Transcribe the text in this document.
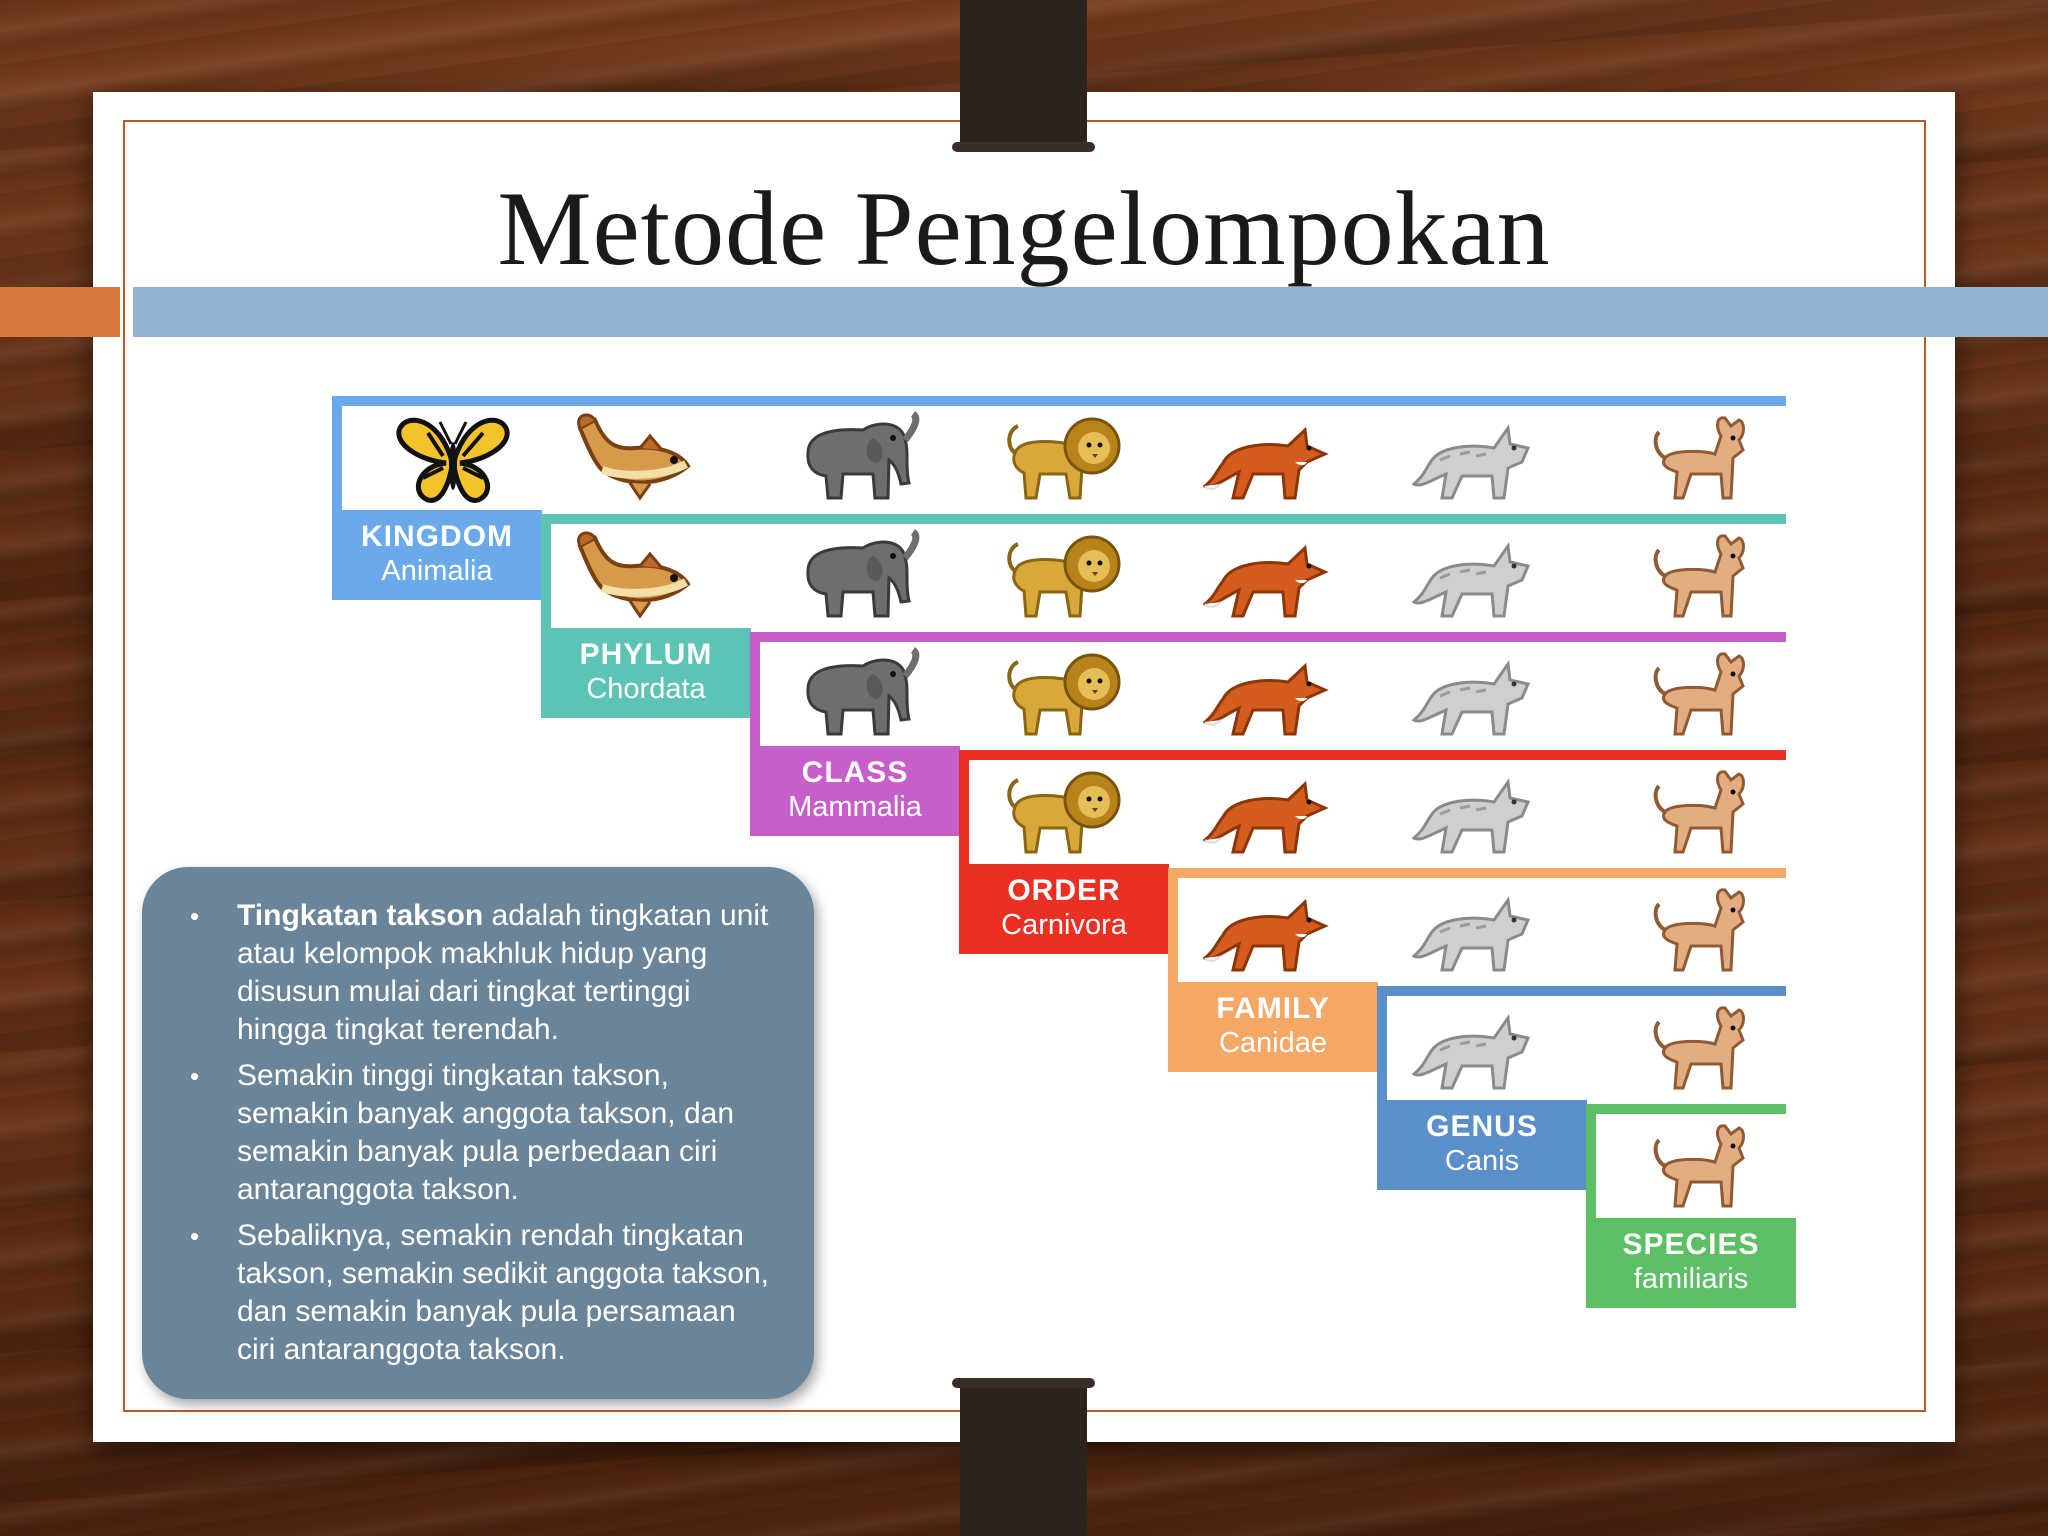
Metode Pengelompokan
KINGDOM
Animalia
PHYLUM
Chordata
CLASS
Mammalia
ORDER
Carnivora
FAMILY
Canidae
GENUS
Canis
SPECIES
familiaris
• Tingkatan takson adalah tingkatan unit atau kelompok makhluk hidup yang disusun mulai dari tingkat tertinggi hingga tingkat terendah.
• Semakin tinggi tingkatan takson, semakin banyak anggota takson, dan semakin banyak pula perbedaan ciri antaranggota takson.
• Sebaliknya, semakin rendah tingkatan takson, semakin sedikit anggota takson, dan semakin banyak pula persamaan ciri antaranggota takson.
